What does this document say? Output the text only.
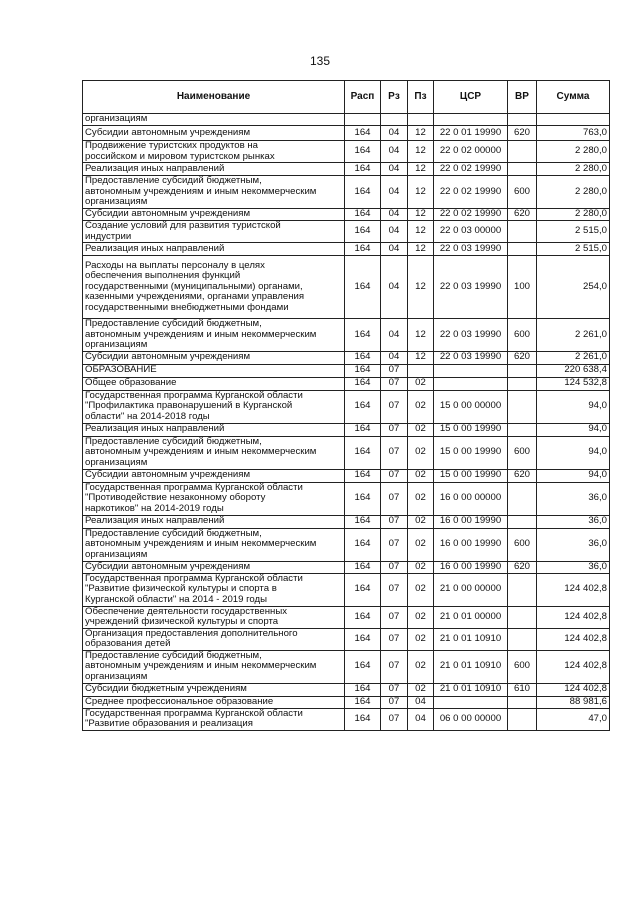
135
Наименование	Расп	Рз	Пз	ЦСР	ВР	Сумма

организациям						

Субсидии автономным учреждениям	164	04	12	22 0 01 19990	620	763,0

Продвижение туристских продуктов на
российском и мировом туристском рынках	164	04	12	22 0 02 00000		2 280,0

Реализация иных направлений	164	04	12	22 0 02 19990		2 280,0

Предоставление субсидий бюджетным,
автономным учреждениям и иным некоммерческим
организациям	164	04	12	22 0 02 19990	600	2 280,0

Субсидии автономным учреждениям	164	04	12	22 0 02 19990	620	2 280,0

Создание условий для развития туристской
индустрии	164	04	12	22 0 03 00000		2 515,0

Реализация иных направлений	164	04	12	22 0 03 19990		2 515,0

Расходы на выплаты персоналу в целях
обеспечения выполнения функций
государственными (муниципальными) органами,
казенными учреждениями, органами управления
государственными внебюджетными фондами	164	04	12	22 0 03 19990	100	254,0

Предоставление субсидий бюджетным,
автономным учреждениям и иным некоммерческим
организациям	164	04	12	22 0 03 19990	600	2 261,0

Субсидии автономным учреждениям	164	04	12	22 0 03 19990	620	2 261,0

ОБРАЗОВАНИЕ	164	07				220 638,4

Общее образование	164	07	02			124 532,8

Государственная программа Курганской области
"Профилактика правонарушений в Курганской
области" на 2014-2018 годы	164	07	02	15 0 00 00000		94,0

Реализация иных направлений	164	07	02	15 0 00 19990		94,0

Предоставление субсидий бюджетным,
автономным учреждениям и иным некоммерческим
организациям	164	07	02	15 0 00 19990	600	94,0

Субсидии автономным учреждениям	164	07	02	15 0 00 19990	620	94,0

Государственная программа Курганской области
"Противодействие незаконному обороту
наркотиков" на 2014-2019 годы	164	07	02	16 0 00 00000		36,0

Реализация иных направлений	164	07	02	16 0 00 19990		36,0

Предоставление субсидий бюджетным,
автономным учреждениям и иным некоммерческим
организациям	164	07	02	16 0 00 19990	600	36,0

Субсидии автономным учреждениям	164	07	02	16 0 00 19990	620	36,0

Государственная программа Курганской области
"Развитие физической культуры и спорта в
Курганской области" на 2014 - 2019 годы	164	07	02	21 0 00 00000		124 402,8

Обеспечение деятельности государственных
учреждений физической культуры и спорта	164	07	02	21 0 01 00000		124 402,8

Организация предоставления дополнительного
образования детей	164	07	02	21 0 01 10910		124 402,8

Предоставление субсидий бюджетным,
автономным учреждениям и иным некоммерческим
организациям	164	07	02	21 0 01 10910	600	124 402,8

Субсидии бюджетным учреждениям	164	07	02	21 0 01 10910	610	124 402,8

Среднее профессиональное образование	164	07	04			88 981,6

Государственная программа Курганской области
"Развитие образования и реализация	164	07	04	06 0 00 00000		47,0
